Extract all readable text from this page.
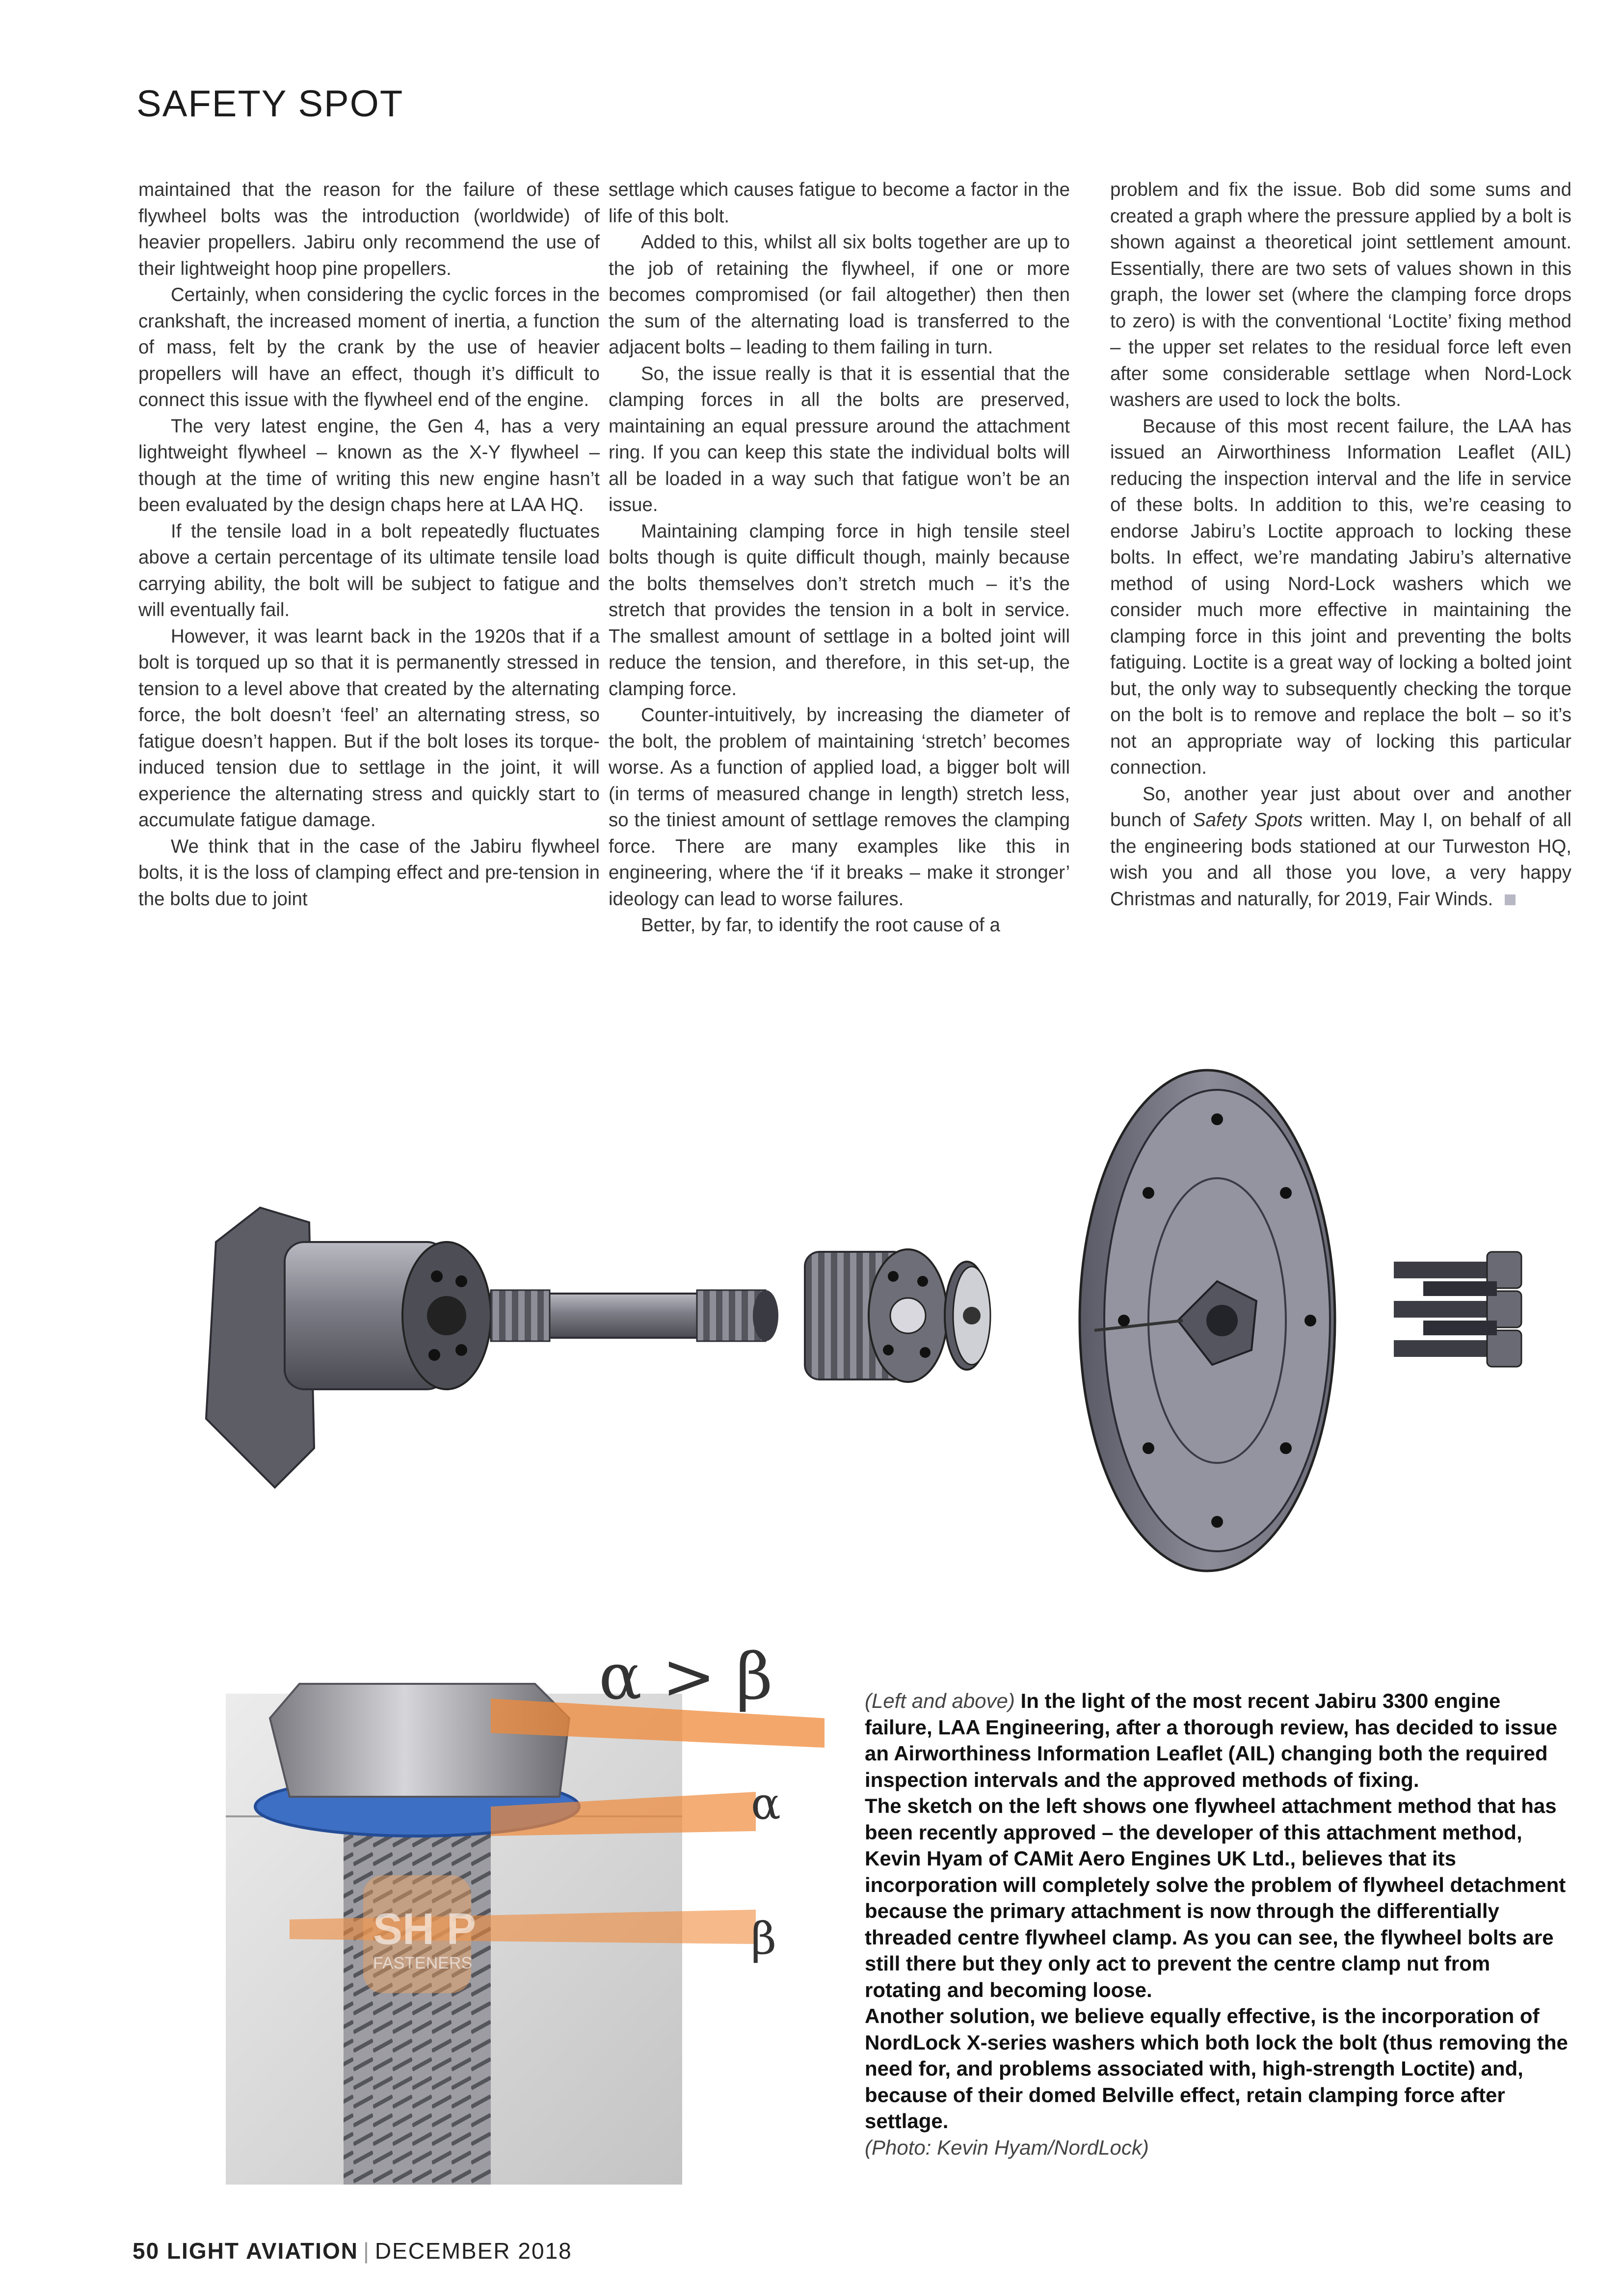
SAFETY SPOT

maintained that the reason for the failure of these flywheel bolts was the introduction (worldwide) of heavier propellers. Jabiru only recommend the use of their lightweight hoop pine propellers.

Certainly, when considering the cyclic forces in the crankshaft, the increased moment of inertia, a function of mass, felt by the crank by the use of heavier propellers will have an effect, though it’s difficult to connect this issue with the flywheel end of the engine.

The very latest engine, the Gen 4, has a very lightweight flywheel – known as the X-Y flywheel – though at the time of writing this new engine hasn’t been evaluated by the design chaps here at LAA HQ.

If the tensile load in a bolt repeatedly fluctuates above a certain percentage of its ultimate tensile load carrying ability, the bolt will be subject to fatigue and will eventually fail.

However, it was learnt back in the 1920s that if a bolt is torqued up so that it is permanently stressed in tension to a level above that created by the alternating force, the bolt doesn’t ‘feel’ an alternating stress, so fatigue doesn’t happen. But if the bolt loses its torque-induced tension due to settlage in the joint, it will experience the alternating stress and quickly start to accumulate fatigue damage.

We think that in the case of the Jabiru flywheel bolts, it is the loss of clamping effect and pre-tension in the bolts due to joint

settlage which causes fatigue to become a factor in the life of this bolt.

Added to this, whilst all six bolts together are up to the job of retaining the flywheel, if one or more becomes compromised (or fail altogether) then then the sum of the alternating load is transferred to the adjacent bolts – leading to them failing in turn.

So, the issue really is that it is essential that the clamping forces in all the bolts are preserved, maintaining an equal pressure around the attachment ring. If you can keep this state the individual bolts will all be loaded in a way such that fatigue won’t be an issue.

Maintaining clamping force in high tensile steel bolts though is quite difficult though, mainly because the bolts themselves don’t stretch much – it’s the stretch that provides the tension in a bolt in service. The smallest amount of settlage in a bolted joint will reduce the tension, and therefore, in this set-up, the clamping force.

Counter-intuitively, by increasing the diameter of the bolt, the problem of maintaining ‘stretch’ becomes worse. As a function of applied load, a bigger bolt will (in terms of measured change in length) stretch less, so the tiniest amount of settlage removes the clamping force. There are many examples like this in engineering, where the ‘if it breaks – make it stronger’ ideology can lead to worse failures.

Better, by far, to identify the root cause of a

problem and fix the issue. Bob did some sums and created a graph where the pressure applied by a bolt is shown against a theoretical joint settlement amount. Essentially, there are two sets of values shown in this graph, the lower set (where the clamping force drops to zero) is with the conventional ‘Loctite’ fixing method – the upper set relates to the residual force left even after some considerable settlage when Nord-Lock washers are used to lock the bolts.

Because of this most recent failure, the LAA has issued an Airworthiness Information Leaflet (AIL) reducing the inspection interval and the life in service of these bolts. In addition to this, we’re ceasing to endorse Jabiru’s Loctite approach to locking these bolts. In effect, we’re mandating Jabiru’s alternative method of using Nord-Lock washers which we consider much more effective in maintaining the clamping force in this joint and preventing the bolts fatiguing. Loctite is a great way of locking a bolted joint but, the only way to subsequently checking the torque on the bolt is to remove and replace the bolt – so it’s not an appropriate way of locking this particular connection.

So, another year just about over and another bunch of Safety Spots written. May I, on behalf of all the engineering bods stationed at our Turweston HQ, wish you and all those you love, a very happy Christmas and naturally, for 2019, Fair Winds.

SH P
FASTENERS
α > β
α
β
(Left and above) In the light of the most recent Jabiru 3300 engine failure, LAA Engineering, after a thorough review, has decided to issue an Airworthiness Information Leaflet (AIL) changing both the required inspection intervals and the approved methods of fixing.
The sketch on the left shows one flywheel attachment method that has been recently approved – the developer of this attachment method, Kevin Hyam of CAMit Aero Engines UK Ltd., believes that its incorporation will completely solve the problem of flywheel detachment because the primary attachment is now through the differentially threaded centre flywheel clamp. As you can see, the flywheel bolts are still there but they only act to prevent the centre clamp nut from rotating and becoming loose.
Another solution, we believe equally effective, is the incorporation of NordLock X-series washers which both lock the bolt (thus removing the need for, and problems associated with, high-strength Loctite) and, because of their domed Belville effect, retain clamping force after settlage.
(Photo: Kevin Hyam/NordLock)
50 LIGHT AVIATION | DECEMBER 2018
